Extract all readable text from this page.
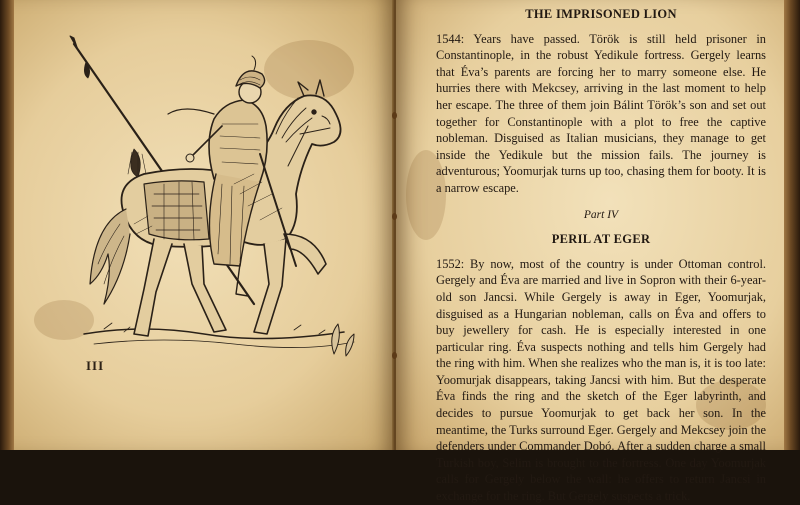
III
THE IMPRISONED LION

1544: Years have passed. Török is still held prisoner in Constantinople, in the robust Yedikule fortress. Gergely learns that Éva’s parents are forcing her to marry someone else. He hurries there with Mekcsey, arriving in the last moment to help her escape. The three of them join Bálint Török’s son and set out together for Constantinople with a plot to free the captive nobleman. Disguised as Italian musicians, they manage to get inside the Yedikule but the mission fails. The journey is adventurous; Yoomurjak turns up too, chasing them for booty. It is a narrow escape.

Part IV
PERIL AT EGER

1552: By now, most of the country is under Ottoman control. Gergely and Éva are married and live in Sopron with their 6-year-old son Jancsi. While Gergely is away in Eger, Yoomurjak, disguised as a Hungarian nobleman, calls on Éva and offers to buy jewellery for cash. He is especially interested in one particular ring. Éva suspects nothing and tells him Gergely had the ring with him. When she realizes who the man is, it is too late: Yoomurjak disappears, taking Jancsi with him. But the desperate Éva finds the ring and the sketch of the Eger labyrinth, and decides to pursue Yoomurjak to get back her son. In the meantime, the Turks surround Eger. Gergely and Mekcsey join the defenders under Commander Dobó. After a sudden charge a small Turkish boy, Selim is brought to the fortress. One day Yoomurjak calls for Gergely below the wall: he offers to return Jancsi in exchange for the ring. But Gergely suspects a trick.
